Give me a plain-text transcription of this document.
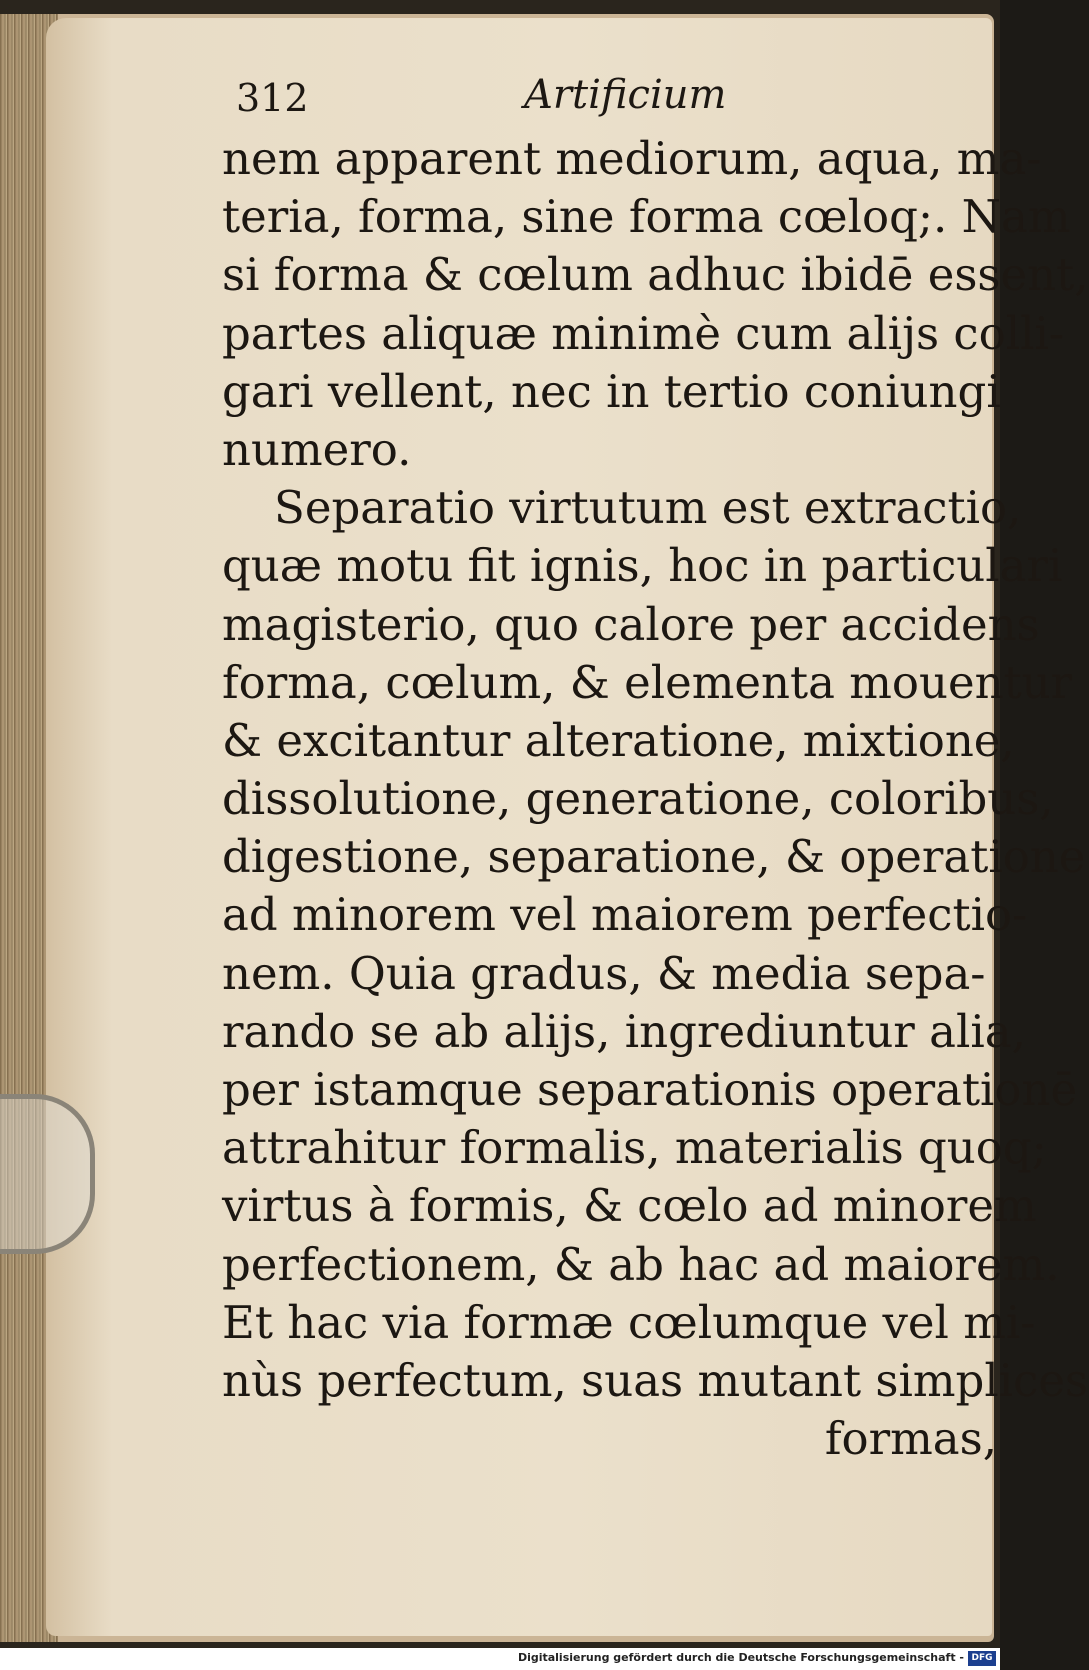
312	Artificium
nem apparent mediorum, aqua, ma-
teria, forma, sine forma cœloq;. Nam
si forma & cœlum adhuc ibidē essent,
partes aliquæ minimè cum alijs colli-
gari vellent, nec in tertio coniungi
numero.
Separatio virtutum est extractio,
quæ motu fit ignis, hoc in particulari
magisterio, quo calore per accidens
forma, cœlum, & elementa mouentur
& excitantur alteratione, mixtione,
dissolutione, generatione, coloribus,
digestione, separatione, & operatione
ad minorem vel maiorem perfectio-
nem. Quia gradus, & media sepa-
rando se ab alijs, ingrediuntur alia,
per istamque separationis operationē
attrahitur formalis, materialis quoq;
virtus à formis, & cœlo ad minorem
perfectionem, & ab hac ad maiorem.
Et hac via formæ cœlumque vel mi-
nùs perfectum, suas mutant simplices
formas,
Digitalisierung gefördert durch die Deutsche Forschungsgemeinschaft - DFG
